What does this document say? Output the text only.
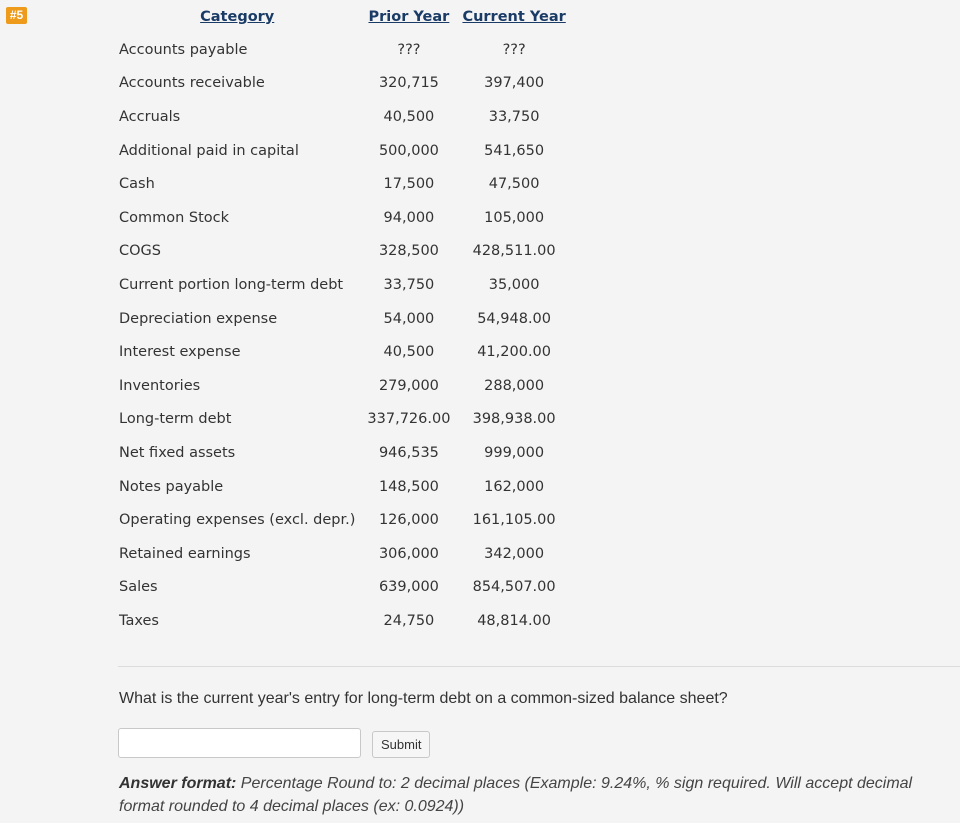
#5	Category	Prior Year	Current Year
Accounts payable	???	???
Accounts receivable	320,715	397,400
Accruals	40,500	33,750
Additional paid in capital	500,000	541,650
Cash	17,500	47,500
Common Stock	94,000	105,000
COGS	328,500	428,511.00
Current portion long-term debt	33,750	35,000
Depreciation expense	54,000	54,948.00
Interest expense	40,500	41,200.00
Inventories	279,000	288,000
Long-term debt	337,726.00	398,938.00
Net fixed assets	946,535	999,000
Notes payable	148,500	162,000
Operating expenses (excl. depr.)	126,000	161,105.00
Retained earnings	306,000	342,000
Sales	639,000	854,507.00
Taxes	24,750	48,814.00
What is the current year's entry for long-term debt on a common-sized balance sheet?
Submit
Answer format: Percentage Round to: 2 decimal places (Example: 9.24%, % sign required. Will accept decimal format rounded to 4 decimal places (ex: 0.0924))
